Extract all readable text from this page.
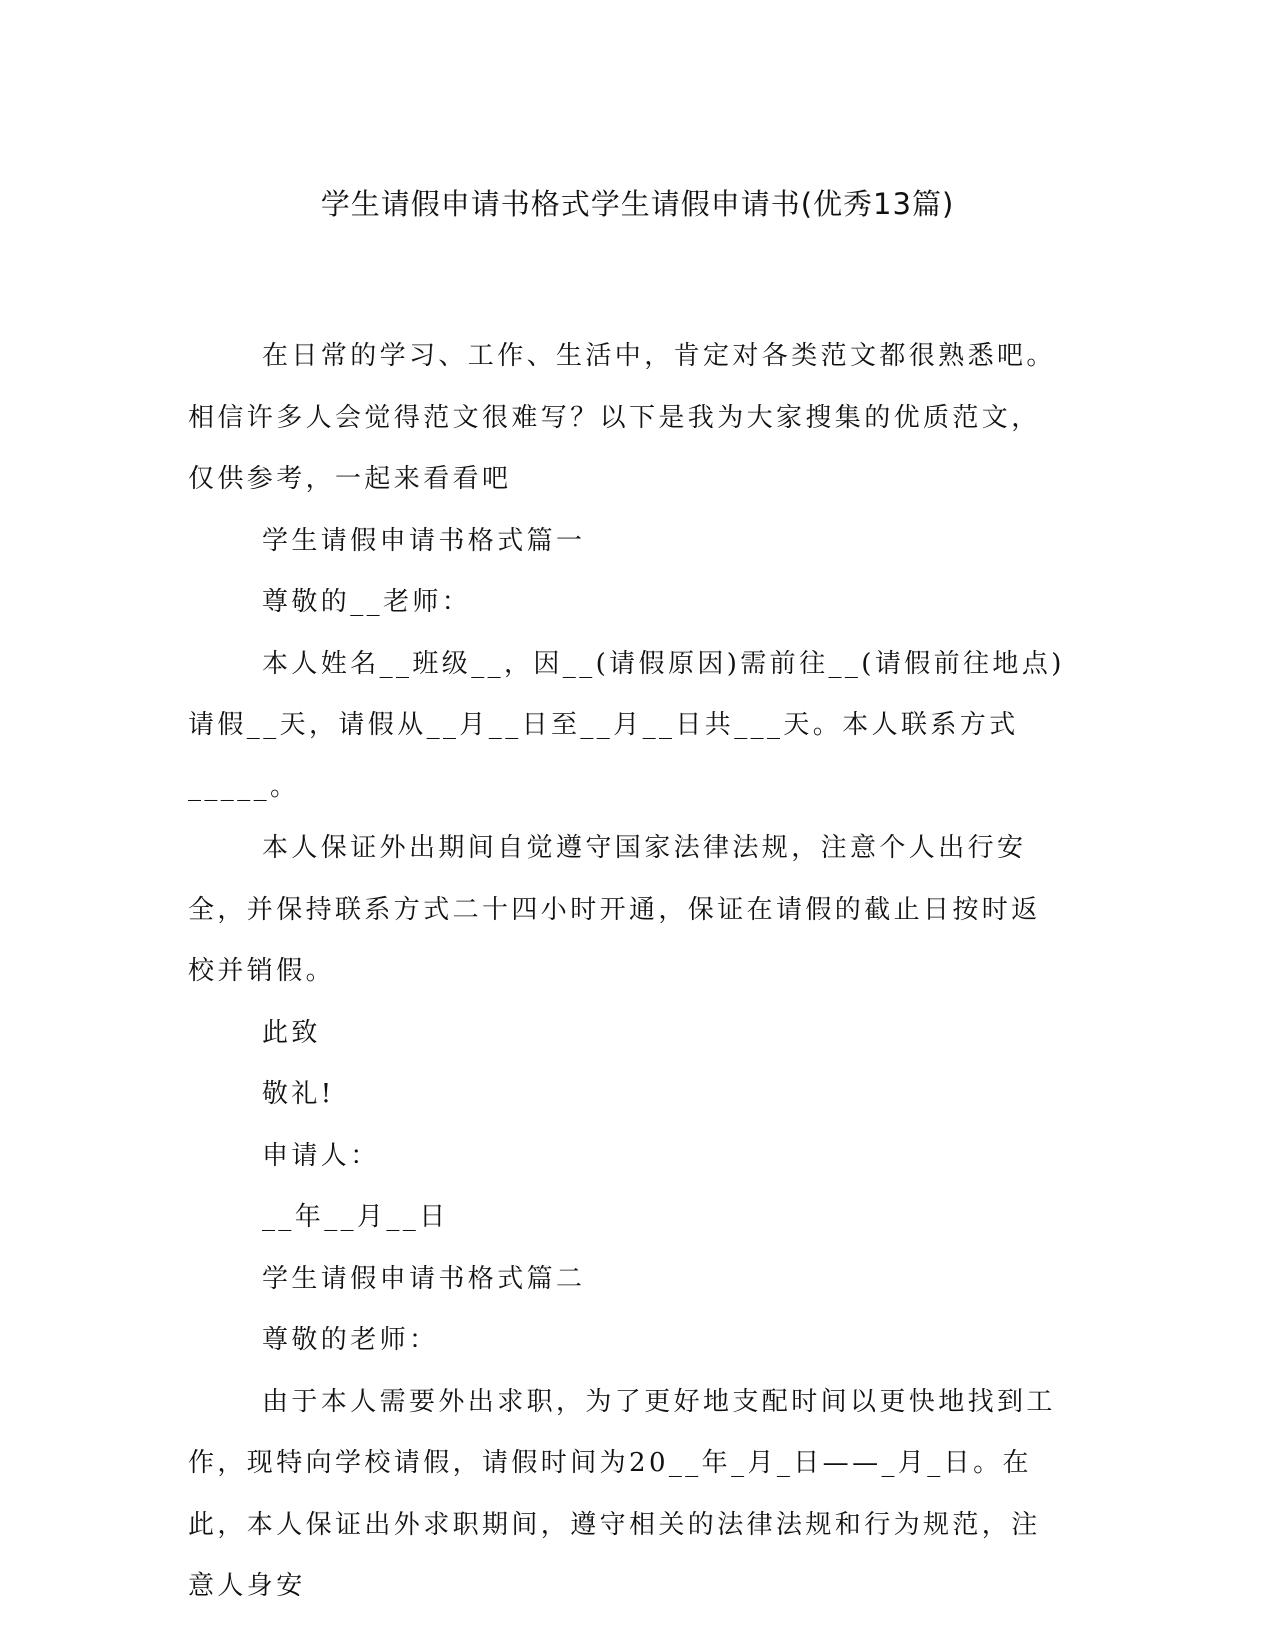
学生请假申请书格式学生请假申请书(优秀13篇)

在日常的学习、工作、生活中，肯定对各类范文都很熟悉吧。相信许多人会觉得范文很难写？以下是我为大家搜集的优质范文，仅供参考，一起来看看吧

学生请假申请书格式篇一

尊敬的__老师：

本人姓名__班级__，因__(请假原因)需前往__(请假前往地点)请假__天，请假从__月__日至__月__日共___天。本人联系方式_____。

本人保证外出期间自觉遵守国家法律法规，注意个人出行安全，并保持联系方式二十四小时开通，保证在请假的截止日按时返校并销假。

此致

敬礼!

申请人：

__年__月__日

学生请假申请书格式篇二

尊敬的老师：

由于本人需要外出求职，为了更好地支配时间以更快地找到工作，现特向学校请假，请假时间为20__年_月_日——_月_日。在此，本人保证出外求职期间，遵守相关的法律法规和行为规范，注意人身安
